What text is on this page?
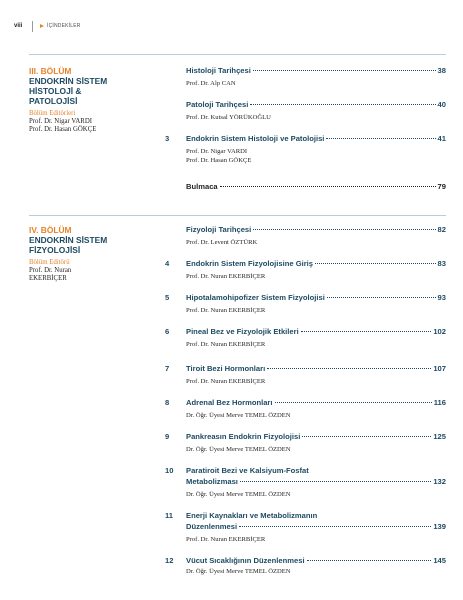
viii	İÇİNDEKİLER
III. BÖLÜM
ENDOKRİN SİSTEM
HİSTOLOJİ &
PATOLOJİSİ
Bölüm Editörleri
Prof. Dr. Nigar VARDI
Prof. Dr. Hasan GÖKÇE
IV. BÖLÜM
ENDOKRİN SİSTEM
FİZYOLOJİSİ
Bölüm Editörü
Prof. Dr. Nuran
EKERBİÇER
Histoloji Tarihçesi	38
Prof. Dr. Alp CAN
Patoloji Tarihçesi	40
Prof. Dr. Kutsal YÖRÜKOĞLU
3 Endokrin Sistem Histoloji ve Patolojisi	41
Prof. Dr. Nigar VARDI
Prof. Dr. Hasan GÖKÇE
Bulmaca	79
Fizyoloji Tarihçesi	82
Prof. Dr. Levent ÖZTÜRK
4 Endokrin Sistem Fizyolojisine Giriş	83
Prof. Dr. Nuran EKERBİÇER
5 Hipotalamohipofizer Sistem Fizyolojisi	93
Prof. Dr. Nuran EKERBİÇER
6 Pineal Bez ve Fizyolojik Etkileri	102
Prof. Dr. Nuran EKERBİÇER
7 Tiroit Bezi Hormonları	107
Prof. Dr. Nuran EKERBİÇER
8 Adrenal Bez Hormonları	116
Dr. Öğr. Üyesi Merve TEMEL ÖZDEN
9 Pankreasın Endokrin Fizyolojisi	125
Dr. Öğr. Üyesi Merve TEMEL ÖZDEN
10 Paratiroit Bezi ve Kalsiyum-Fosfat
Metabolizması	132
Dr. Öğr. Üyesi Merve TEMEL ÖZDEN
11 Enerji Kaynakları ve Metabolizmanın
Düzenlenmesi	139
Prof. Dr. Nuran EKERBİÇER
12 Vücut Sıcaklığının Düzenlenmesi	145
Dr. Öğr. Üyesi Merve TEMEL ÖZDEN
